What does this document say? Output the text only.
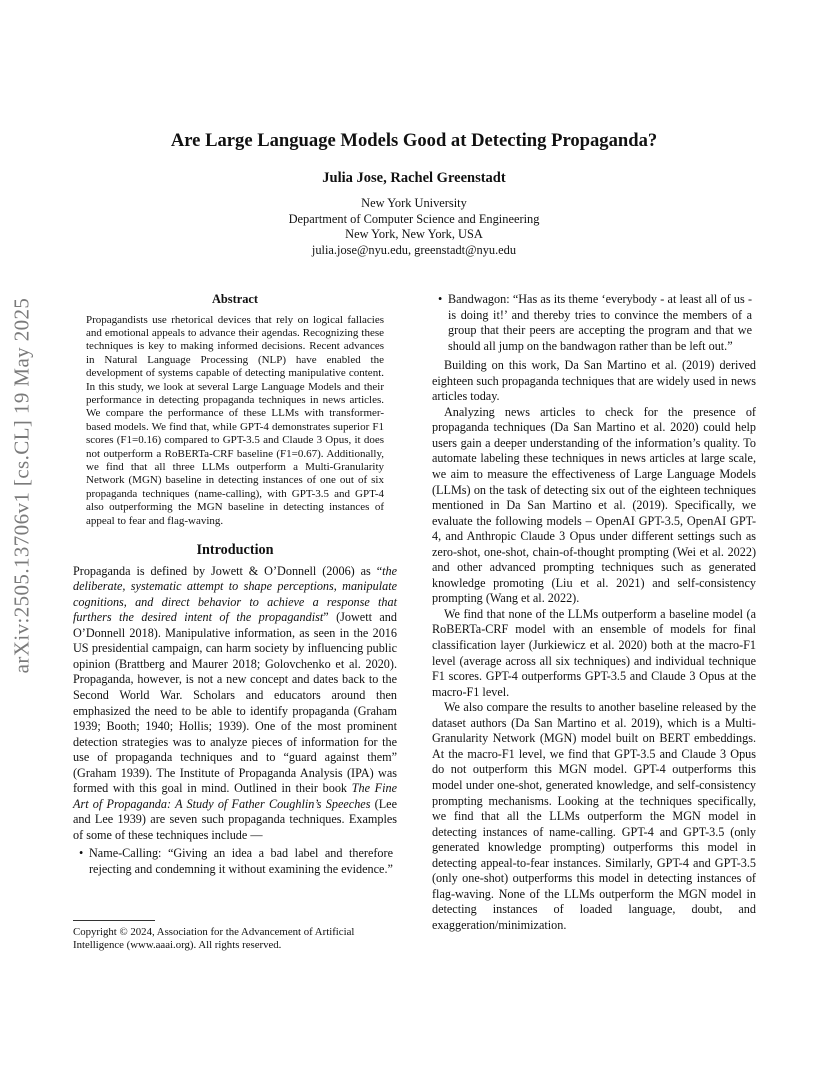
arXiv:2505.13706v1 [cs.CL] 19 May 2025
Are Large Language Models Good at Detecting Propaganda?
Julia Jose, Rachel Greenstadt
New York University
Department of Computer Science and Engineering
New York, New York, USA
julia.jose@nyu.edu, greenstadt@nyu.edu
Abstract

Propagandists use rhetorical devices that rely on logical fallacies and emotional appeals to advance their agendas. Recognizing these techniques is key to making informed decisions. Recent advances in Natural Language Processing (NLP) have enabled the development of systems capable of detecting manipulative content. In this study, we look at several Large Language Models and their performance in detecting propaganda techniques in news articles. We compare the performance of these LLMs with transformer-based models. We find that, while GPT-4 demonstrates superior F1 scores (F1=0.16) compared to GPT-3.5 and Claude 3 Opus, it does not outperform a RoBERTa-CRF baseline (F1=0.67). Additionally, we find that all three LLMs outperform a Multi-Granularity Network (MGN) baseline in detecting instances of one out of six propaganda techniques (name-calling), with GPT-3.5 and GPT-4 also outperforming the MGN baseline in detecting instances of appeal to fear and flag-waving.

Introduction

Propaganda is defined by Jowett & O’Donnell (2006) as “the deliberate, systematic attempt to shape perceptions, manipulate cognitions, and direct behavior to achieve a response that furthers the desired intent of the propagandist” (Jowett and O’Donnell 2018). Manipulative information, as seen in the 2016 US presidential campaign, can harm society by influencing public opinion (Brattberg and Maurer 2018; Golovchenko et al. 2020). Propaganda, however, is not a new concept and dates back to the Second World War. Scholars and educators around then emphasized the need to be able to identify propaganda (Graham 1939; Booth; 1940; Hollis; 1939). One of the most prominent detection strategies was to analyze pieces of information for the use of propaganda techniques and to “guard against them” (Graham 1939). The Institute of Propaganda Analysis (IPA) was formed with this goal in mind. Outlined in their book The Fine Art of Propaganda: A Study of Father Coughlin’s Speeches (Lee and Lee 1939) are seven such propaganda techniques. Examples of some of these techniques include —

• Name-Calling: “Giving an idea a bad label and therefore rejecting and condemning it without examining the evidence.”
Copyright © 2024, Association for the Advancement of Artificial Intelligence (www.aaai.org). All rights reserved.
• Bandwagon: “Has as its theme ‘everybody - at least all of us - is doing it!’ and thereby tries to convince the members of a group that their peers are accepting the program and that we should all jump on the bandwagon rather than be left out.”

Building on this work, Da San Martino et al. (2019) derived eighteen such propaganda techniques that are widely used in news articles today.

Analyzing news articles to check for the presence of propaganda techniques (Da San Martino et al. 2020) could help users gain a deeper understanding of the information’s quality. To automate labeling these techniques in news articles at large scale, we aim to measure the effectiveness of Large Language Models (LLMs) on the task of detecting six out of the eighteen techniques mentioned in Da San Martino et al. (2019). Specifically, we evaluate the following models – OpenAI GPT-3.5, OpenAI GPT-4, and Anthropic Claude 3 Opus under different settings such as zero-shot, one-shot, chain-of-thought prompting (Wei et al. 2022) and other advanced prompting techniques such as generated knowledge promoting (Liu et al. 2021) and self-consistency prompting (Wang et al. 2022).

We find that none of the LLMs outperform a baseline model (a RoBERTa-CRF model with an ensemble of models for final classification layer (Jurkiewicz et al. 2020) both at the macro-F1 level (average across all six techniques) and individual technique F1 scores. GPT-4 outperforms GPT-3.5 and Claude 3 Opus at the macro-F1 level.

We also compare the results to another baseline released by the dataset authors (Da San Martino et al. 2019), which is a Multi-Granularity Network (MGN) model built on BERT embeddings. At the macro-F1 level, we find that GPT-3.5 and Claude 3 Opus do not outperform this MGN model. GPT-4 outperforms this model under one-shot, generated knowledge, and self-consistency prompting mechanisms. Looking at the techniques specifically, we find that all the LLMs outperform the MGN model in detecting instances of name-calling. GPT-4 and GPT-3.5 (only generated knowledge prompting) outperforms this model in detecting appeal-to-fear instances. Similarly, GPT-4 and GPT-3.5 (only one-shot) outperforms this model in detecting instances of flag-waving. None of the LLMs outperform the MGN model in detecting instances of loaded language, doubt, and exaggeration/minimization.
